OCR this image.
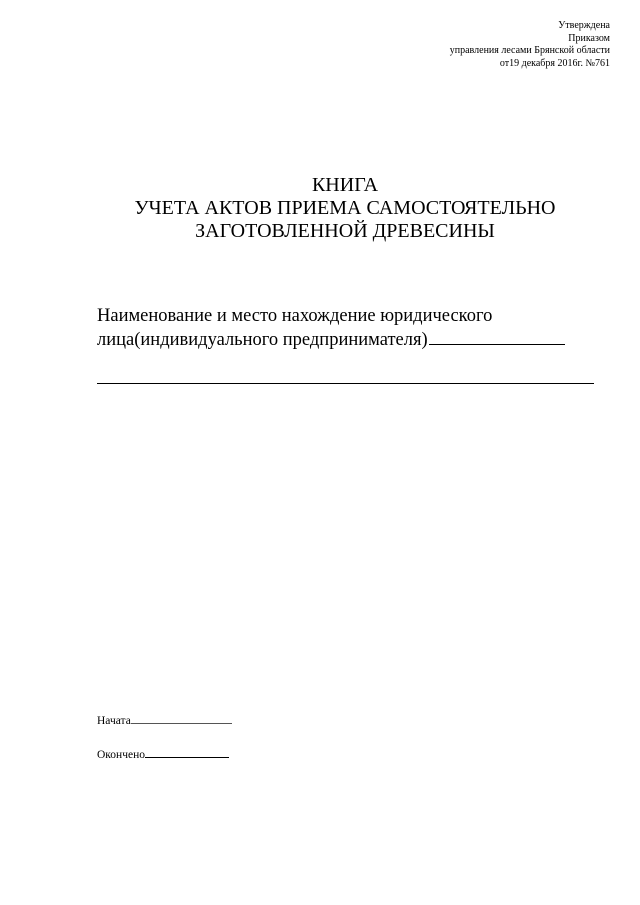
Утверждена
Приказом
управления лесами Брянской области
от19 декабря 2016г. №761
КНИГА
УЧЕТА АКТОВ ПРИЕМА САМОСТОЯТЕЛЬНО
ЗАГОТОВЛЕННОЙ ДРЕВЕСИНЫ
Наименование и место нахождение юридического
лица(индивидуального предпринимателя)
Начата
Окончено
